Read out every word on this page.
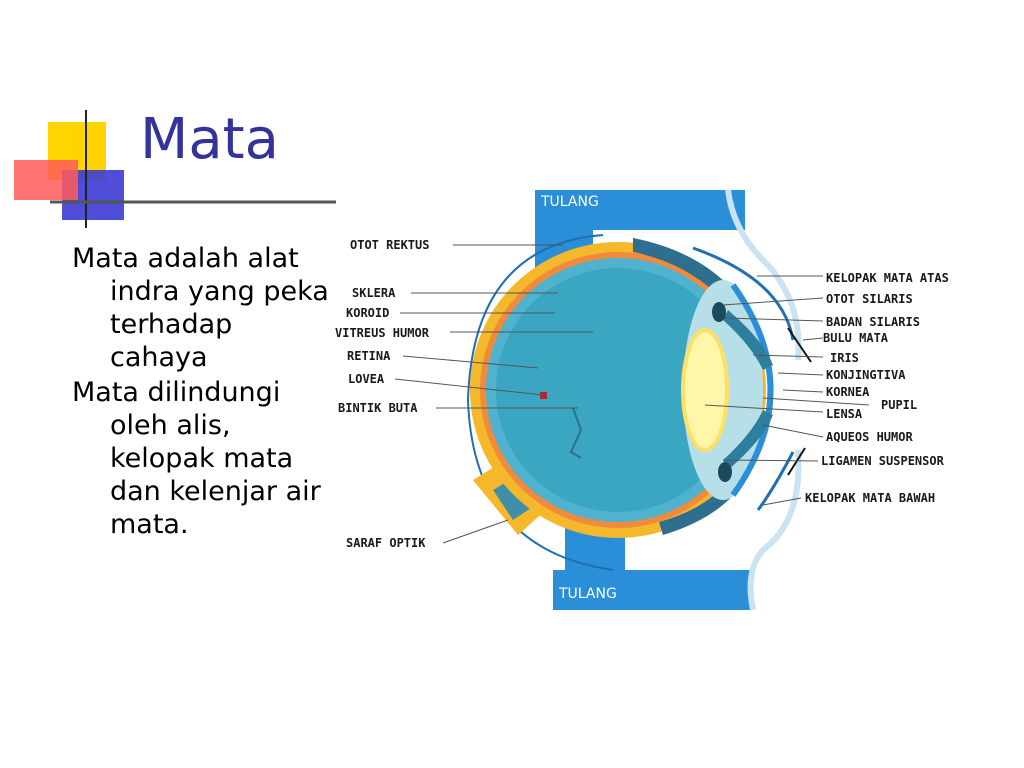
Mata
Mata adalah alat indra yang peka terhadap cahaya
Mata dilindungi oleh alis, kelopak mata dan kelenjar air mata.
TULANG
TULANG
OTOT REKTUS
SKLERA
KOROID
VITREUS HUMOR
RETINA
LOVEA
BINTIK BUTA
SARAF OPTIK
KELOPAK MATA ATAS
OTOT SILARIS
BADAN SILARIS
BULU MATA
IRIS
KONJINGTIVA
KORNEA
PUPIL
LENSA
AQUEOS HUMOR
LIGAMEN SUSPENSOR
KELOPAK MATA BAWAH
